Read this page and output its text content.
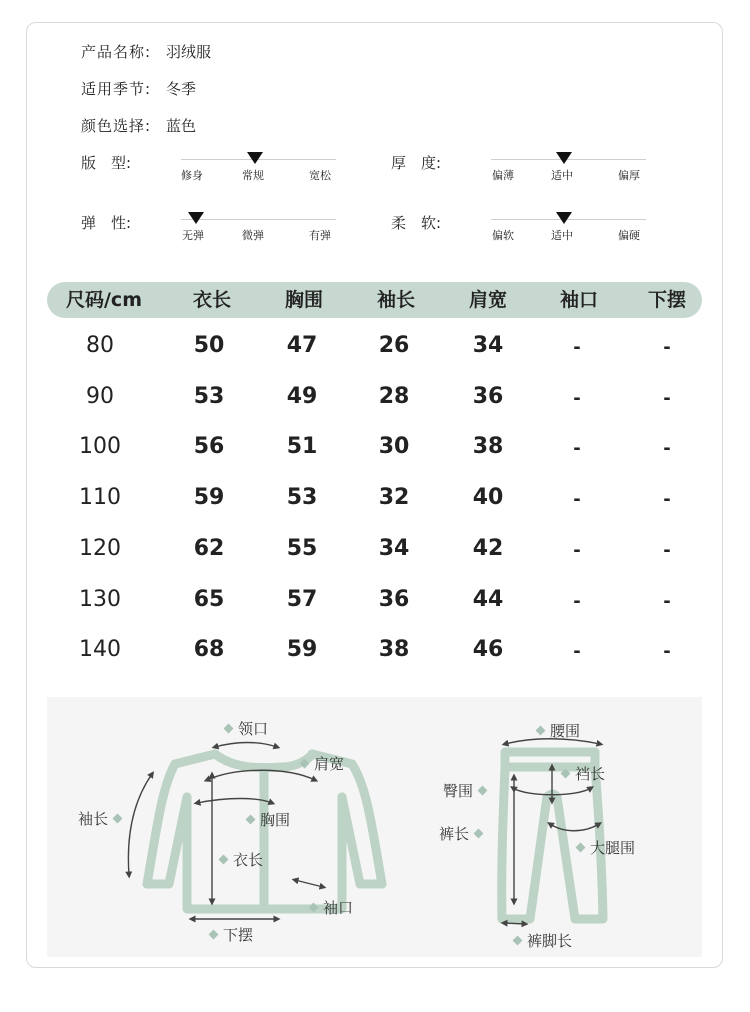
产品名称: 羽绒服
适用季节: 冬季
颜色选择: 蓝色
版　型:
修身	常规	宽松
厚　度:
偏薄	适中	偏厚
弹　性:
无弹	微弹	有弹
柔　软:
偏软	适中	偏硬
尺码/cm	衣长	胸围	袖长	肩宽	袖口	下摆
80	50	47	26	34	-	-
90	53	49	28	36	-	-
100	56	51	30	38	-	-
110	59	53	32	40	-	-
120	62	55	34	42	-	-
130	65	57	36	44	-	-
140	68	59	38	46	-	-
领口
肩宽
袖长	胸围
衣长
袖口
下摆
腰围
裆长
臀围
裤长
大腿围
裤脚长
